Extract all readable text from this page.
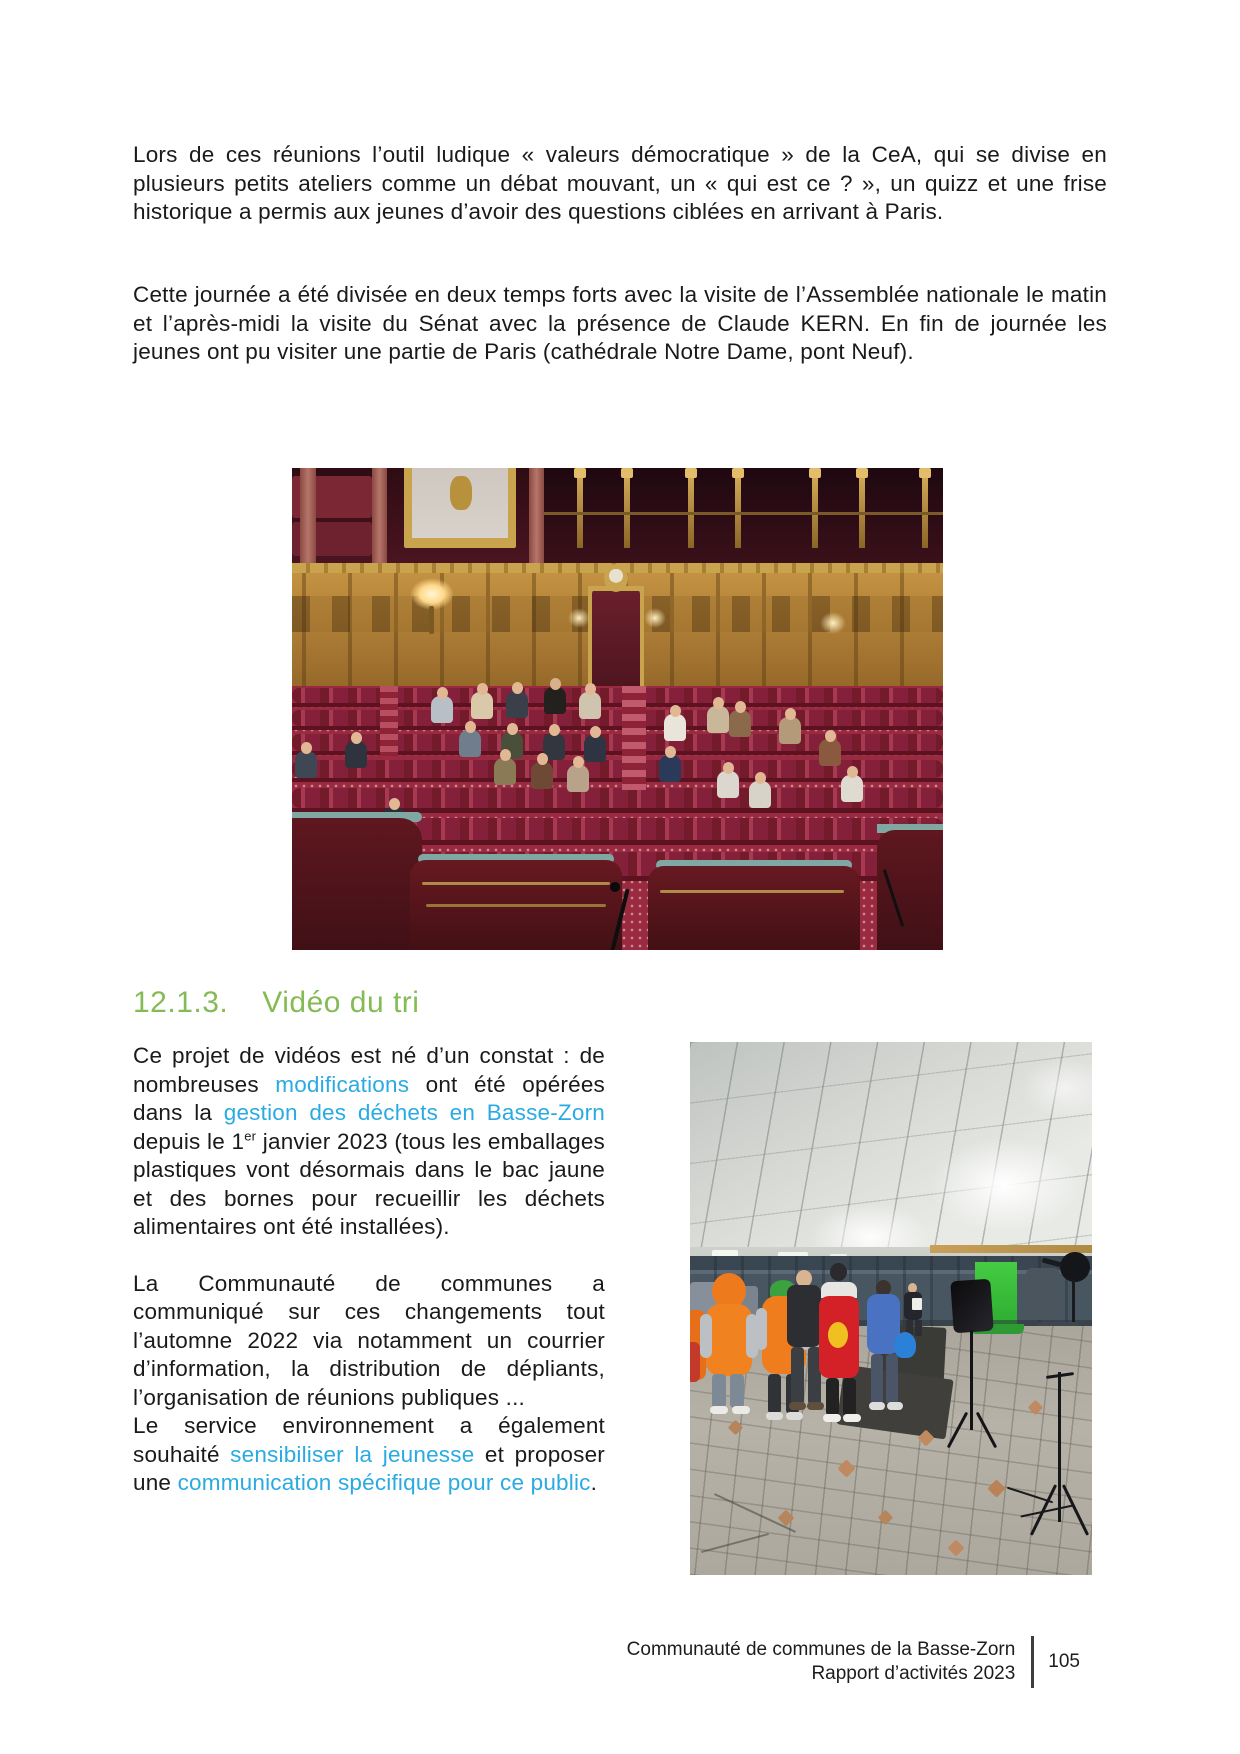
Lors de ces réunions l’outil ludique « valeurs démocratique » de la CeA, qui se divise en plusieurs petits ateliers comme un débat mouvant, un « qui est ce ? », un quizz et une frise historique a permis aux jeunes d’avoir des questions ciblées en arrivant à Paris.

Cette journée a été divisée en deux temps forts avec la visite de l’Assemblée nationale le matin et l’après-midi la visite du Sénat avec la présence de Claude KERN. En fin de journée les jeunes ont pu visiter une partie de Paris (cathédrale Notre Dame, pont Neuf).

12.1.3. Vidéo du tri

Ce projet de vidéos est né d’un constat : de nombreuses modifications ont été opérées dans la gestion des déchets en Basse-Zorn depuis le 1er janvier 2023 (tous les emballages plastiques vont désormais dans le bac jaune et des bornes pour recueillir les déchets alimentaires ont été installées).

La Communauté de communes a communiqué sur ces changements tout l’automne 2022 via notamment un courrier d’information, la distribution de dépliants, l’organisation de réunions publiques ...
Le service environnement a également souhaité sensibiliser la jeunesse et proposer une communication spécifique pour ce public.

Communauté de communes de la Basse-Zorn
Rapport d’activités 2023
105
